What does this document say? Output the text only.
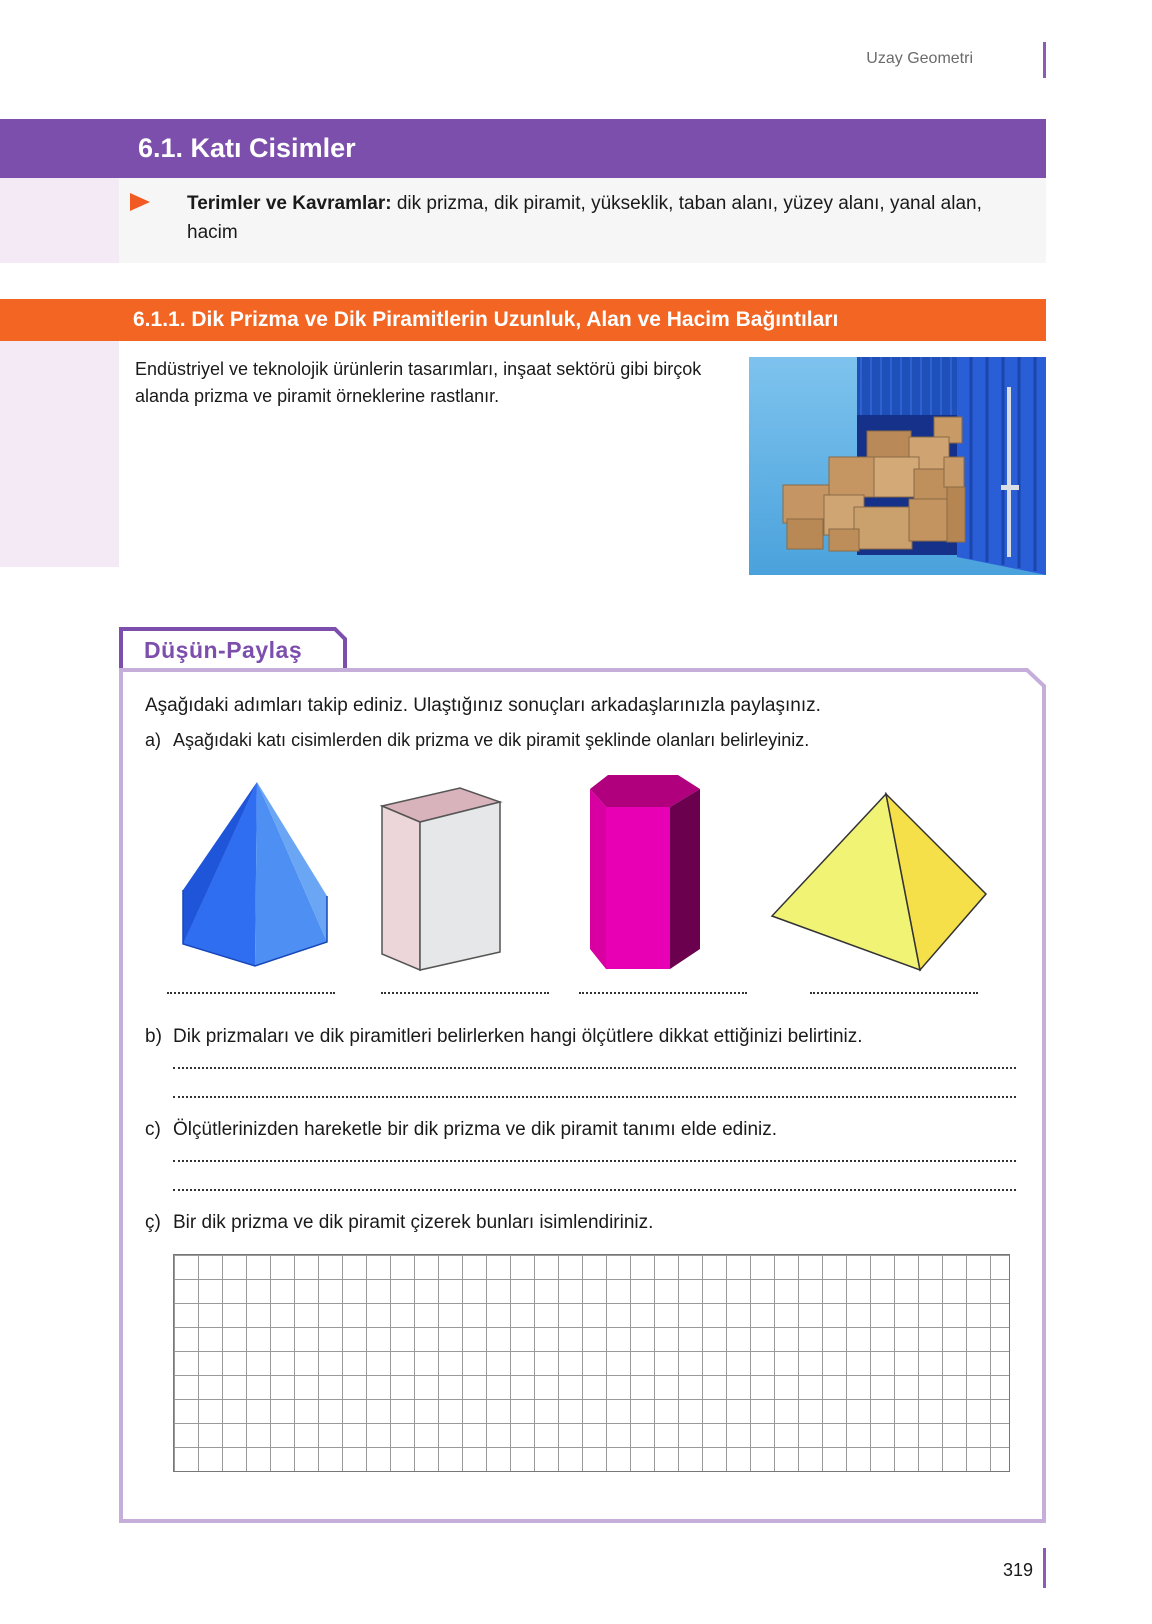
Uzay Geometri
6.1. Katı Cisimler
Terimler ve Kavramlar: dik prizma, dik piramit, yükseklik, taban alanı, yüzey alanı, yanal alan, hacim
6.1.1. Dik Prizma ve Dik Piramitlerin Uzunluk, Alan ve Hacim Bağıntıları
Endüstriyel ve teknolojik ürünlerin tasarımları, inşaat sektörü gibi birçok alanda prizma ve piramit örneklerine rastlanır.
Düşün-Paylaş
Aşağıdaki adımları takip ediniz. Ulaştığınız sonuçları arkadaşlarınızla paylaşınız.
a) Aşağıdaki katı cisimlerden dik prizma ve dik piramit şeklinde olanları belirleyiniz.
b) Dik prizmaları ve dik piramitleri belirlerken hangi ölçütlere dikkat ettiğinizi belirtiniz.
c) Ölçütlerinizden hareketle bir dik prizma ve dik piramit tanımı elde ediniz.
ç) Bir dik prizma ve dik piramit çizerek bunları isimlendiriniz.
319
